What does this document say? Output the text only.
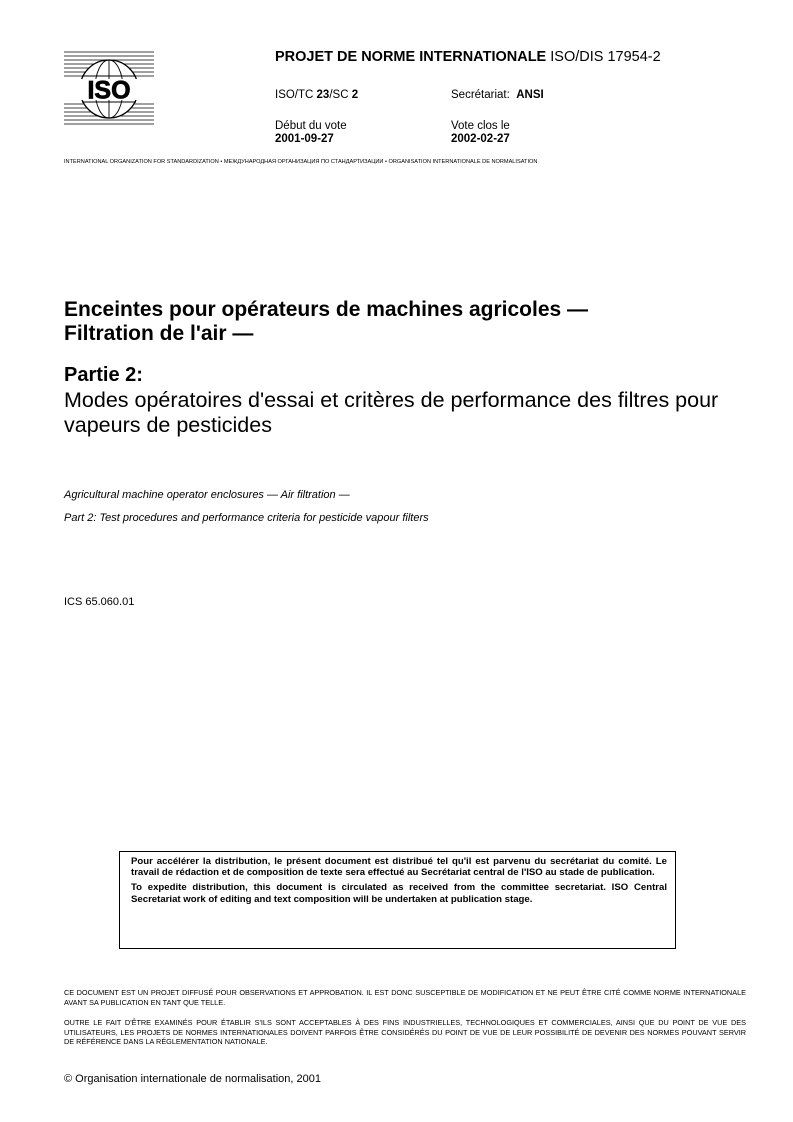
ISO
PROJET DE NORME INTERNATIONALE ISO/DIS 17954-2
ISO/TC 23/SC 2	Secrétariat: ANSI
Début du vote
2001-09-27
Vote clos le
2002-02-27
INTERNATIONAL ORGANIZATION FOR STANDARDIZATION • МЕЖДУНАРОДНАЯ ОРГАНИЗАЦИЯ ПО СТАНДАРТИЗАЦИИ • ORGANISATION INTERNATIONALE DE NORMALISATION
Enceintes pour opérateurs de machines agricoles —
Filtration de l'air —
Partie 2:
Modes opératoires d'essai et critères de performance des filtres pour vapeurs de pesticides
Agricultural machine operator enclosures — Air filtration —
Part 2: Test procedures and performance criteria for pesticide vapour filters
ICS 65.060.01

Pour accélérer la distribution, le présent document est distribué tel qu'il est parvenu du secrétariat du comité. Le travail de rédaction et de composition de texte sera effectué au Secrétariat central de l'ISO au stade de publication.

To expedite distribution, this document is circulated as received from the committee secretariat. ISO Central Secretariat work of editing and text composition will be undertaken at publication stage.

CE DOCUMENT EST UN PROJET DIFFUSÉ POUR OBSERVATIONS ET APPROBATION. IL EST DONC SUSCEPTIBLE DE MODIFICATION ET NE PEUT ÊTRE CITÉ COMME NORME INTERNATIONALE AVANT SA PUBLICATION EN TANT QUE TELLE.
OUTRE LE FAIT D'ÊTRE EXAMINÉS POUR ÉTABLIR S'ILS SONT ACCEPTABLES À DES FINS INDUSTRIELLES, TECHNOLOGIQUES ET COMMERCIALES, AINSI QUE DU POINT DE VUE DES UTILISATEURS, LES PROJETS DE NORMES INTERNATIONALES DOIVENT PARFOIS ÊTRE CONSIDÉRÉS DU POINT DE VUE DE LEUR POSSIBILITÉ DE DEVENIR DES NORMES POUVANT SERVIR DE RÉFÉRENCE DANS LA RÉGLEMENTATION NATIONALE.
© Organisation internationale de normalisation, 2001
